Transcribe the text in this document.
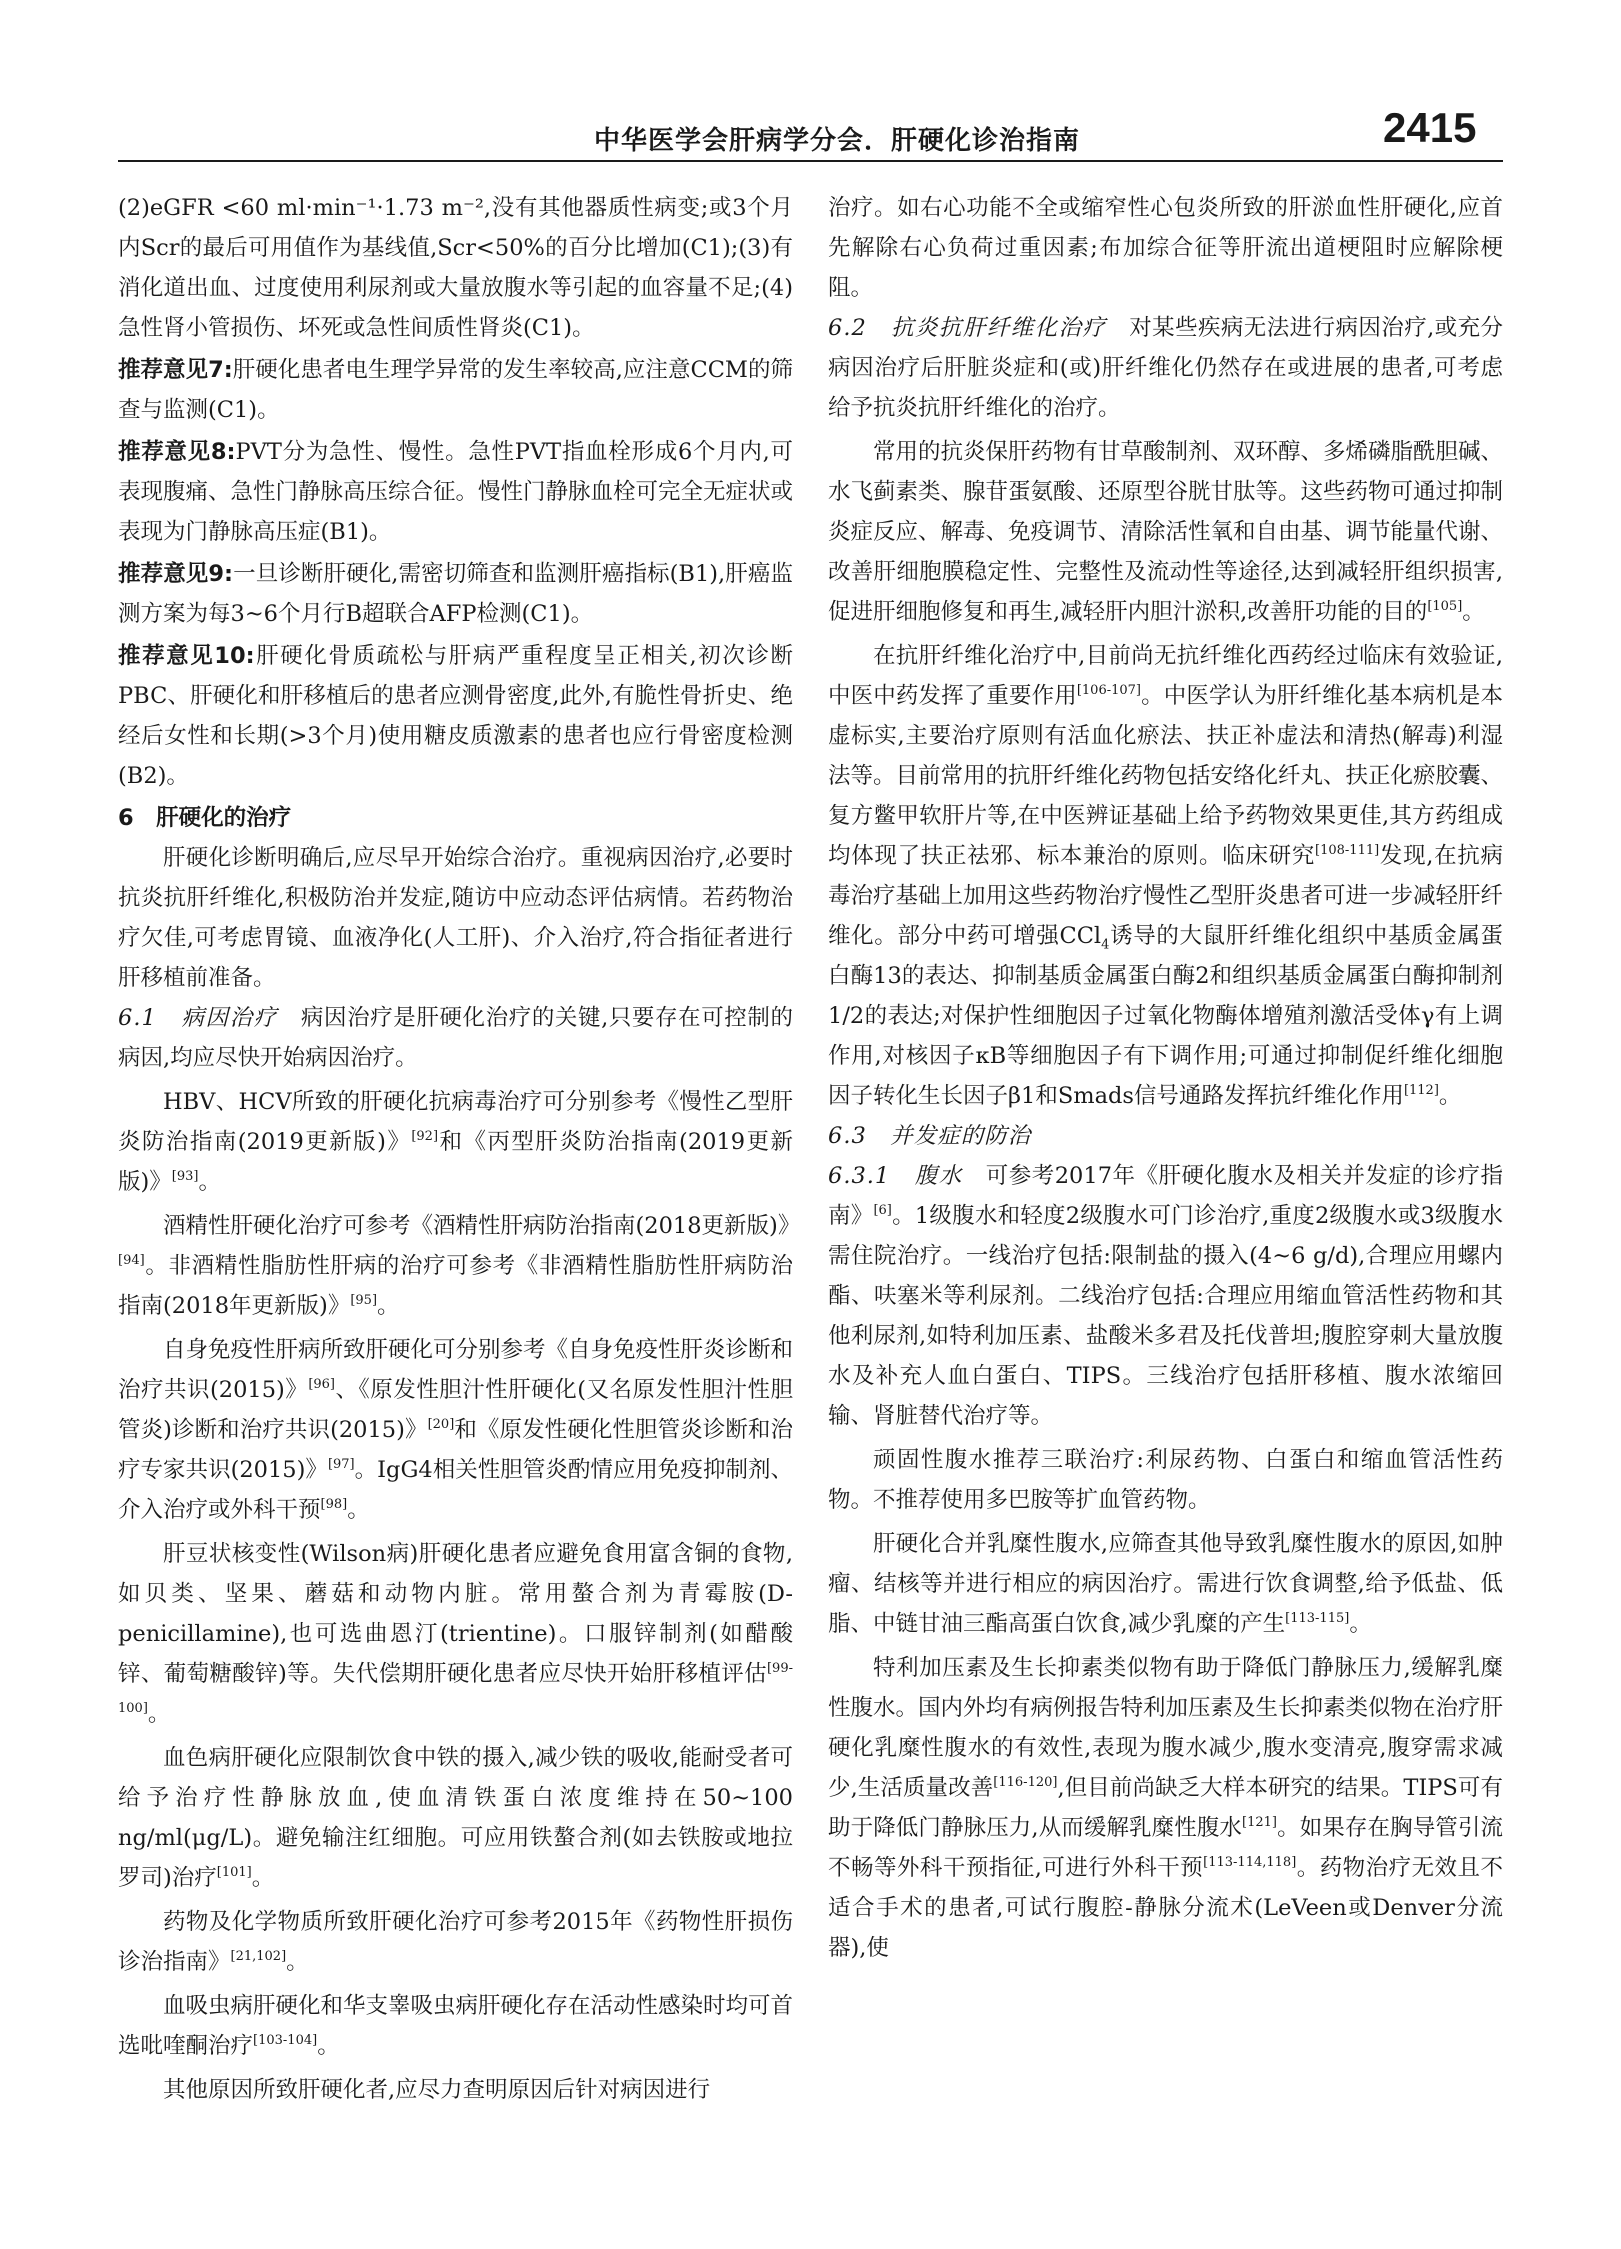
中华医学会肝病学分会．肝硬化诊治指南	2415

(2)eGFR <60 ml·min⁻¹·1.73 m⁻²,没有其他器质性病变;或3个月内Scr的最后可用值作为基线值,Scr<50%的百分比增加(C1);(3)有消化道出血、过度使用利尿剂或大量放腹水等引起的血容量不足;(4)急性肾小管损伤、坏死或急性间质性肾炎(C1)。

推荐意见7:肝硬化患者电生理学异常的发生率较高,应注意CCM的筛查与监测(C1)。

推荐意见8:PVT分为急性、慢性。急性PVT指血栓形成6个月内,可表现腹痛、急性门静脉高压综合征。慢性门静脉血栓可完全无症状或表现为门静脉高压症(B1)。

推荐意见9:一旦诊断肝硬化,需密切筛查和监测肝癌指标(B1),肝癌监测方案为每3~6个月行B超联合AFP检测(C1)。

推荐意见10:肝硬化骨质疏松与肝病严重程度呈正相关,初次诊断PBC、肝硬化和肝移植后的患者应测骨密度,此外,有脆性骨折史、绝经后女性和长期(>3个月)使用糖皮质激素的患者也应行骨密度检测(B2)。

6　肝硬化的治疗

肝硬化诊断明确后,应尽早开始综合治疗。重视病因治疗,必要时抗炎抗肝纤维化,积极防治并发症,随访中应动态评估病情。若药物治疗欠佳,可考虑胃镜、血液净化(人工肝)、介入治疗,符合指征者进行肝移植前准备。

6.1　病因治疗　 病因治疗是肝硬化治疗的关键,只要存在可控制的病因,均应尽快开始病因治疗。

HBV、HCV所致的肝硬化抗病毒治疗可分别参考《慢性乙型肝炎防治指南(2019更新版)》[92]和《丙型肝炎防治指南(2019更新版)》[93]。

酒精性肝硬化治疗可参考《酒精性肝病防治指南(2018更新版)》[94]。非酒精性脂肪性肝病的治疗可参考《非酒精性脂肪性肝病防治指南(2018年更新版)》[95]。

自身免疫性肝病所致肝硬化可分别参考《自身免疫性肝炎诊断和治疗共识(2015)》[96]、《原发性胆汁性肝硬化(又名原发性胆汁性胆管炎)诊断和治疗共识(2015)》[20]和《原发性硬化性胆管炎诊断和治疗专家共识(2015)》[97]。IgG4相关性胆管炎酌情应用免疫抑制剂、介入治疗或外科干预[98]。

肝豆状核变性(Wilson病)肝硬化患者应避免食用富含铜的食物,如贝类、坚果、蘑菇和动物内脏。常用螯合剂为青霉胺(D-penicillamine),也可选曲恩汀(trientine)。口服锌制剂(如醋酸锌、葡萄糖酸锌)等。失代偿期肝硬化患者应尽快开始肝移植评估[99-100]。

血色病肝硬化应限制饮食中铁的摄入,减少铁的吸收,能耐受者可给予治疗性静脉放血,使血清铁蛋白浓度维持在50~100 ng/ml(μg/L)。避免输注红细胞。可应用铁螯合剂(如去铁胺或地拉罗司)治疗[101]。

药物及化学物质所致肝硬化治疗可参考2015年《药物性肝损伤诊治指南》[21,102]。

血吸虫病肝硬化和华支睾吸虫病肝硬化存在活动性感染时均可首选吡喹酮治疗[103-104]。

其他原因所致肝硬化者,应尽力查明原因后针对病因进行

治疗。如右心功能不全或缩窄性心包炎所致的肝淤血性肝硬化,应首先解除右心负荷过重因素;布加综合征等肝流出道梗阻时应解除梗阻。

6.2　抗炎抗肝纤维化治疗　 对某些疾病无法进行病因治疗,或充分病因治疗后肝脏炎症和(或)肝纤维化仍然存在或进展的患者,可考虑给予抗炎抗肝纤维化的治疗。

常用的抗炎保肝药物有甘草酸制剂、双环醇、多烯磷脂酰胆碱、水飞蓟素类、腺苷蛋氨酸、还原型谷胱甘肽等。这些药物可通过抑制炎症反应、解毒、免疫调节、清除活性氧和自由基、调节能量代谢、改善肝细胞膜稳定性、完整性及流动性等途径,达到减轻肝组织损害,促进肝细胞修复和再生,减轻肝内胆汁淤积,改善肝功能的目的[105]。

在抗肝纤维化治疗中,目前尚无抗纤维化西药经过临床有效验证,中医中药发挥了重要作用[106-107]。中医学认为肝纤维化基本病机是本虚标实,主要治疗原则有活血化瘀法、扶正补虚法和清热(解毒)利湿法等。目前常用的抗肝纤维化药物包括安络化纤丸、扶正化瘀胶囊、复方鳖甲软肝片等,在中医辨证基础上给予药物效果更佳,其方药组成均体现了扶正祛邪、标本兼治的原则。临床研究[108-111]发现,在抗病毒治疗基础上加用这些药物治疗慢性乙型肝炎患者可进一步减轻肝纤维化。部分中药可增强CCl$_4$诱导的大鼠肝纤维化组织中基质金属蛋白酶13的表达、抑制基质金属蛋白酶2和组织基质金属蛋白酶抑制剂1/2的表达;对保护性细胞因子过氧化物酶体增殖剂激活受体γ有上调作用,对核因子κB等细胞因子有下调作用;可通过抑制促纤维化细胞因子转化生长因子β1和Smads信号通路发挥抗纤维化作用[112]。

6.3　并发症的防治

6.3.1　腹水　 可参考2017年《肝硬化腹水及相关并发症的诊疗指南》[6]。1级腹水和轻度2级腹水可门诊治疗,重度2级腹水或3级腹水需住院治疗。一线治疗包括:限制盐的摄入(4~6 g/d),合理应用螺内酯、呋塞米等利尿剂。二线治疗包括:合理应用缩血管活性药物和其他利尿剂,如特利加压素、盐酸米多君及托伐普坦;腹腔穿刺大量放腹水及补充人血白蛋白、TIPS。三线治疗包括肝移植、腹水浓缩回输、肾脏替代治疗等。

顽固性腹水推荐三联治疗:利尿药物、白蛋白和缩血管活性药物。不推荐使用多巴胺等扩血管药物。

肝硬化合并乳糜性腹水,应筛查其他导致乳糜性腹水的原因,如肿瘤、结核等并进行相应的病因治疗。需进行饮食调整,给予低盐、低脂、中链甘油三酯高蛋白饮食,减少乳糜的产生[113-115]。

特利加压素及生长抑素类似物有助于降低门静脉压力,缓解乳糜性腹水。国内外均有病例报告特利加压素及生长抑素类似物在治疗肝硬化乳糜性腹水的有效性,表现为腹水减少,腹水变清亮,腹穿需求减少,生活质量改善[116-120],但目前尚缺乏大样本研究的结果。TIPS可有助于降低门静脉压力,从而缓解乳糜性腹水[121]。如果存在胸导管引流不畅等外科干预指征,可进行外科干预[113-114,118]。药物治疗无效且不适合手术的患者,可试行腹腔-静脉分流术(LeVeen或Denver分流器),使
